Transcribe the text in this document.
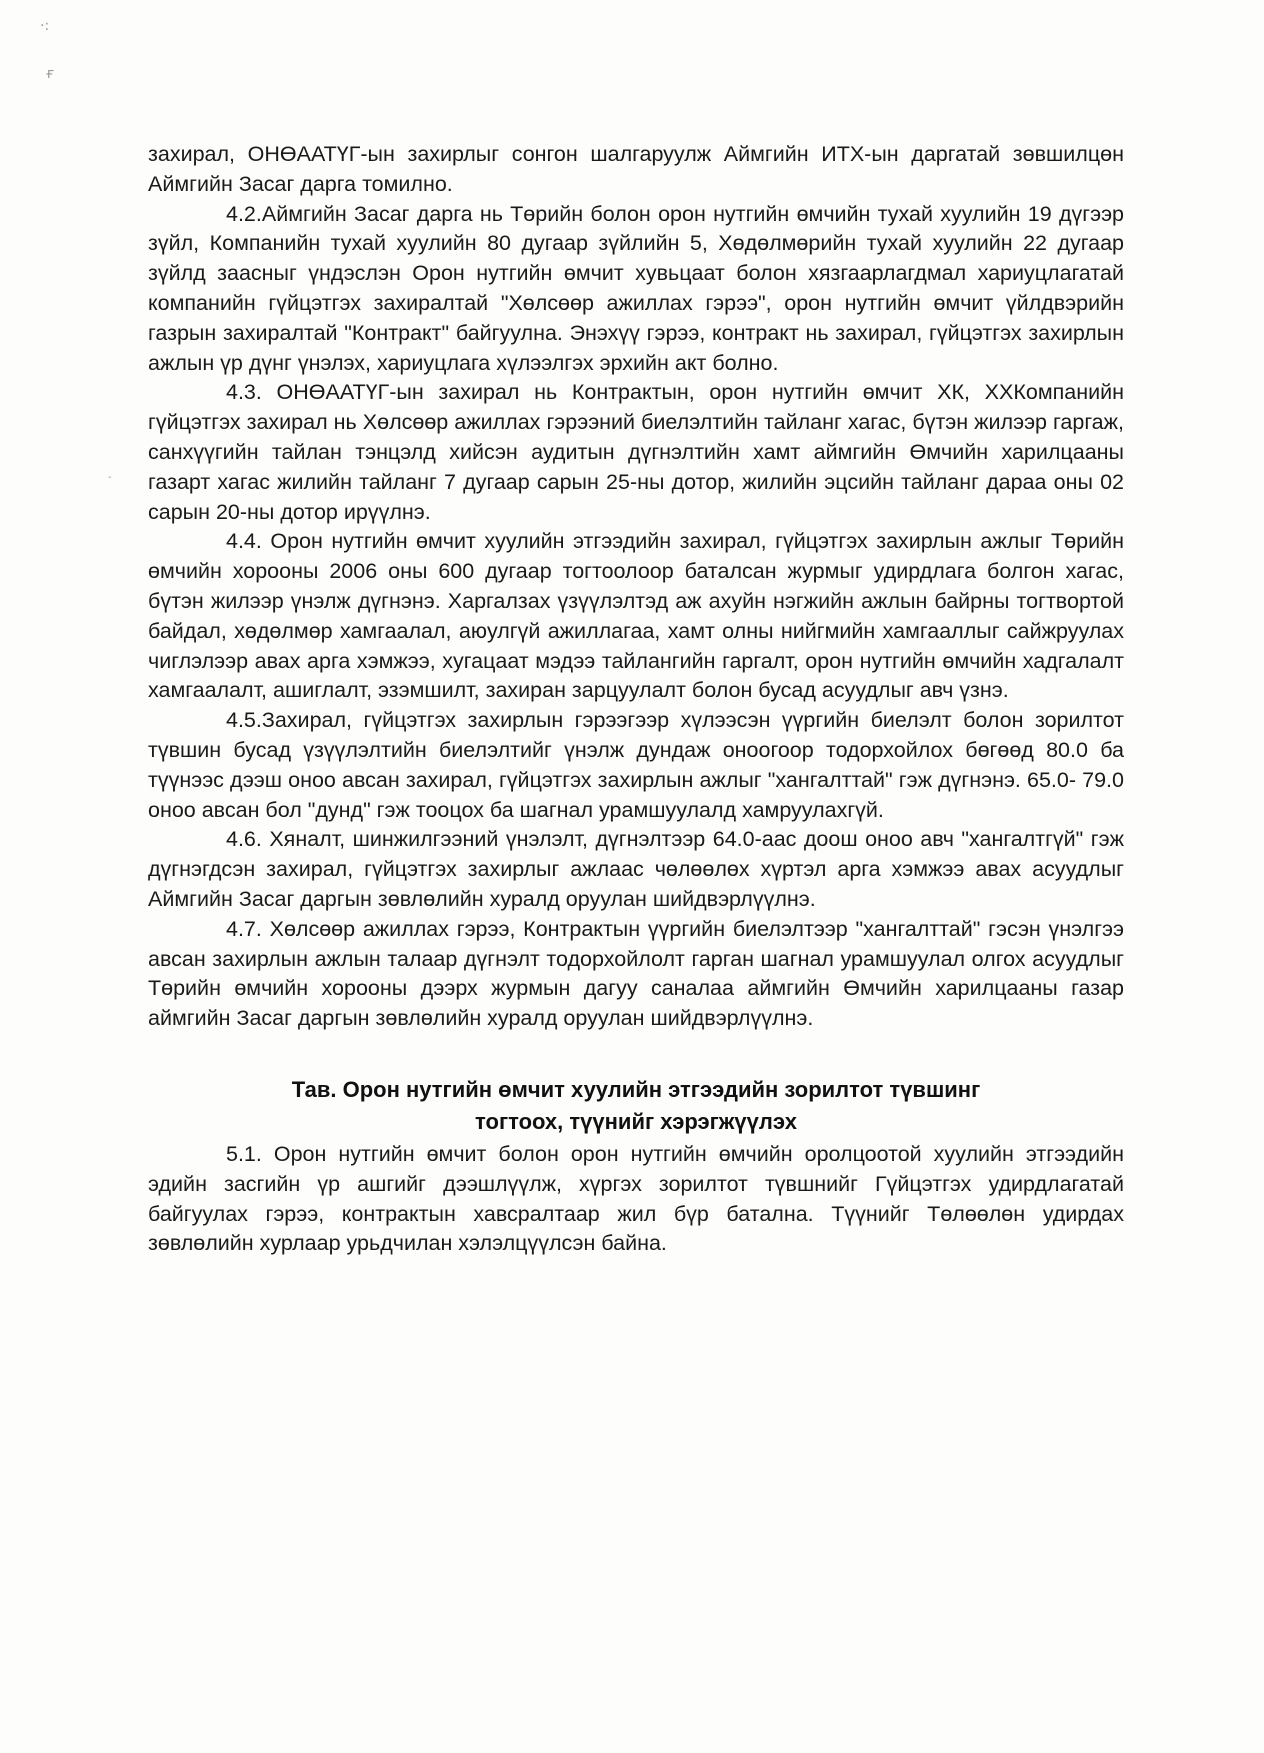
·:
ғ
-

захирал, ОНӨААТҮГ-ын захирлыг сонгон шалгаруулж Аймгийн ИТХ-ын даргатай зөвшилцөн Аймгийн Засаг дарга томилно.

4.2.Аймгийн Засаг дарга нь Төрийн болон орон нутгийн өмчийн тухай хуулийн 19 дүгээр зүйл, Компанийн тухай хуулийн 80 дугаар зүйлийн 5, Хөдөлмөрийн тухай хуулийн 22 дугаар зүйлд заасныг үндэслэн Орон нутгийн өмчит хувьцаат болон хязгаарлагдмал хариуцлагатай компанийн гүйцэтгэх захиралтай "Хөлсөөр ажиллах гэрээ", орон нутгийн өмчит үйлдвэрийн газрын захиралтай "Контракт" байгуулна. Энэхүү гэрээ, контракт нь захирал, гүйцэтгэх захирлын ажлын үр дүнг үнэлэх, хариуцлага хүлээлгэх эрхийн акт болно.

4.3. ОНӨААТҮГ-ын захирал нь Контрактын, орон нутгийн өмчит ХК, ХХКомпанийн гүйцэтгэх захирал нь Хөлсөөр ажиллах гэрээний биелэлтийн тайланг хагас, бүтэн жилээр гаргаж, санхүүгийн тайлан тэнцэлд хийсэн аудитын дүгнэлтийн хамт аймгийн Өмчийн харилцааны газарт хагас жилийн тайланг 7 дугаар сарын 25-ны дотор, жилийн эцсийн тайланг дараа оны 02 сарын 20-ны дотор ирүүлнэ.

4.4. Орон нутгийн өмчит хуулийн этгээдийн захирал, гүйцэтгэх захирлын ажлыг Төрийн өмчийн хорооны 2006 оны 600 дугаар тогтоолоор баталсан журмыг удирдлага болгон хагас, бүтэн жилээр үнэлж дүгнэнэ. Харгалзах үзүүлэлтэд аж ахуйн нэгжийн ажлын байрны тогтвортой байдал, хөдөлмөр хамгаалал, аюулгүй ажиллагаа, хамт олны нийгмийн хамгааллыг сайжруулах чиглэлээр авах арга хэмжээ, хугацаат мэдээ тайлангийн гаргалт, орон нутгийн өмчийн хадгалалт хамгаалалт, ашиглалт, эзэмшилт, захиран зарцуулалт болон бусад асуудлыг авч үзнэ.

4.5.Захирал, гүйцэтгэх захирлын гэрээгээр хүлээсэн үүргийн биелэлт болон зорилтот түвшин бусад үзүүлэлтийн биелэлтийг үнэлж дундаж оноогоор тодорхойлох бөгөөд 80.0 ба түүнээс дээш оноо авсан захирал, гүйцэтгэх захирлын ажлыг "хангалттай" гэж дүгнэнэ. 65.0- 79.0 оноо авсан бол "дунд" гэж тооцох ба шагнал урамшуулалд хамруулахгүй.

4.6. Хяналт, шинжилгээний үнэлэлт, дүгнэлтээр 64.0-аас доош оноо авч "хангалтгүй" гэж дүгнэгдсэн захирал, гүйцэтгэх захирлыг ажлаас чөлөөлөх хүртэл арга хэмжээ авах асуудлыг Аймгийн Засаг даргын зөвлөлийн хуралд оруулан шийдвэрлүүлнэ.

4.7. Хөлсөөр ажиллах гэрээ, Контрактын үүргийн биелэлтээр "хангалттай" гэсэн үнэлгээ авсан захирлын ажлын талаар дүгнэлт тодорхойлолт гарган шагнал урамшуулал олгох асуудлыг Төрийн өмчийн хорооны дээрх журмын дагуу саналаа аймгийн Өмчийн харилцааны газар аймгийн Засаг даргын зөвлөлийн хуралд оруулан шийдвэрлүүлнэ.

Тав. Орон нутгийн өмчит хуулийн этгээдийн зорилтот түвшинг
тогтоох, түүнийг хэрэгжүүлэх

5.1. Орон нутгийн өмчит болон орон нутгийн өмчийн оролцоотой хуулийн этгээдийн эдийн засгийн үр ашгийг дээшлүүлж, хүргэх зорилтот түвшнийг Гүйцэтгэх удирдлагатай байгуулах гэрээ, контрактын хавсралтаар жил бүр батална. Түүнийг Төлөөлөн удирдах зөвлөлийн хурлаар урьдчилан хэлэлцүүлсэн байна.
